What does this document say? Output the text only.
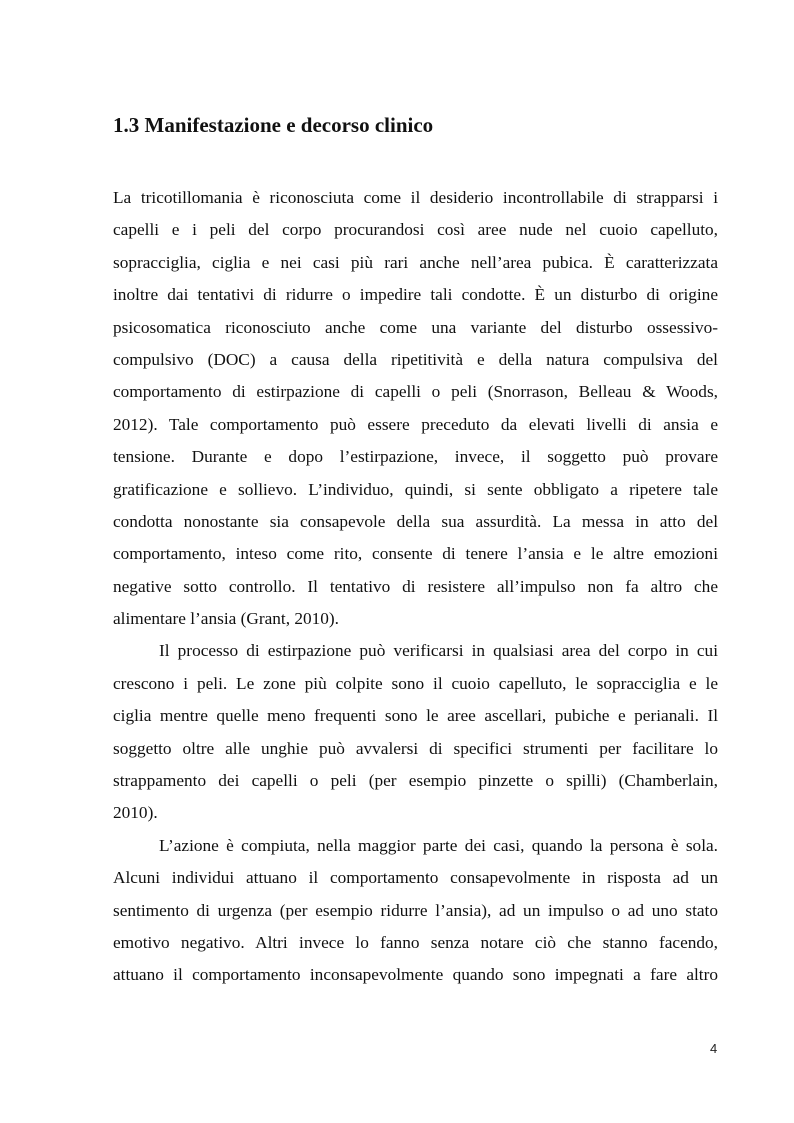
1.3 Manifestazione e decorso clinico
La tricotillomania è riconosciuta come il desiderio incontrollabile di strapparsi i
capelli e i peli del corpo procurandosi così aree nude nel cuoio capelluto,
sopracciglia, ciglia e nei casi più rari anche nell’area pubica. È caratterizzata
inoltre dai tentativi di ridurre o impedire tali condotte. È un disturbo di origine
psicosomatica riconosciuto anche come una variante del disturbo ossessivo-
compulsivo (DOC) a causa della ripetitività e della natura compulsiva del
comportamento di estirpazione di capelli o peli (Snorrason, Belleau & Woods,
2012). Tale comportamento può essere preceduto da elevati livelli di ansia e
tensione. Durante e dopo l’estirpazione, invece, il soggetto può provare
gratificazione e sollievo. L’individuo, quindi, si sente obbligato a ripetere tale
condotta nonostante sia consapevole della sua assurdità. La messa in atto del
comportamento, inteso come rito, consente di tenere l’ansia e le altre emozioni
negative sotto controllo. Il tentativo di resistere all’impulso non fa altro che
alimentare l’ansia (Grant, 2010).
Il processo di estirpazione può verificarsi in qualsiasi area del corpo in cui
crescono i peli. Le zone più colpite sono il cuoio capelluto, le sopracciglia e le
ciglia mentre quelle meno frequenti sono le aree ascellari, pubiche e perianali. Il
soggetto oltre alle unghie può avvalersi di specifici strumenti per facilitare lo
strappamento dei capelli o peli (per esempio pinzette o spilli) (Chamberlain,
2010).
L’azione è compiuta, nella maggior parte dei casi, quando la persona è sola.
Alcuni individui attuano il comportamento consapevolmente in risposta ad un
sentimento di urgenza (per esempio ridurre l’ansia), ad un impulso o ad uno stato
emotivo negativo. Altri invece lo fanno senza notare ciò che stanno facendo,
attuano il comportamento inconsapevolmente quando sono impegnati a fare altro
4
